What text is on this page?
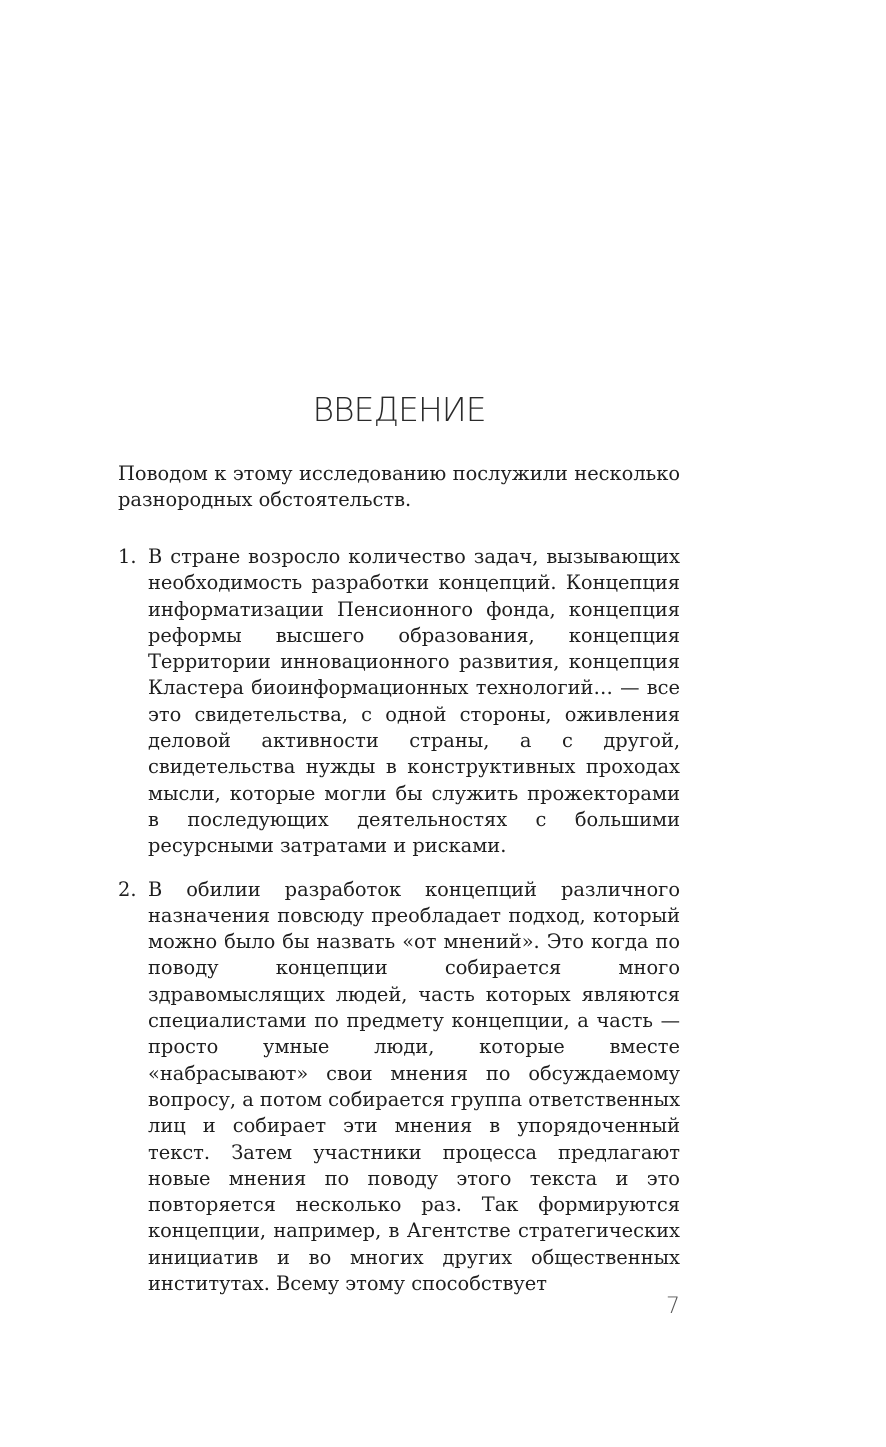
ВВЕДЕНИЕ

Поводом к этому исследованию послужили несколько разнородных обстоятельств.

1. В стране возросло количество задач, вызывающих необходимость разработки концепций. Концепция информатизации Пенсионного фонда, концепция реформы высшего образования, концепция Территории инновационного развития, концепция Кластера биоинформационных технологий… — все это свидетельства, с одной стороны, оживления деловой активности страны, а с другой, свидетельства нужды в конструктивных проходах мысли, которые могли бы служить прожекторами в последующих деятельностях с большими ресурсными затратами и рисками.

2. В обилии разработок концепций различного назначения повсюду преобладает подход, который можно было бы назвать «от мнений». Это когда по поводу концепции собирается много здравомыслящих людей, часть которых являются специалистами по предмету концепции, а часть — просто умные люди, которые вместе «набрасывают» свои мнения по обсуждаемому вопросу, а потом собирается группа ответственных лиц и собирает эти мнения в упорядоченный текст. Затем участники процесса предлагают новые мнения по поводу этого текста и это повторяется несколько раз. Так формируются концепции, например, в Агентстве стратегических инициатив и во многих других общественных институтах. Всему этому способствует

7
